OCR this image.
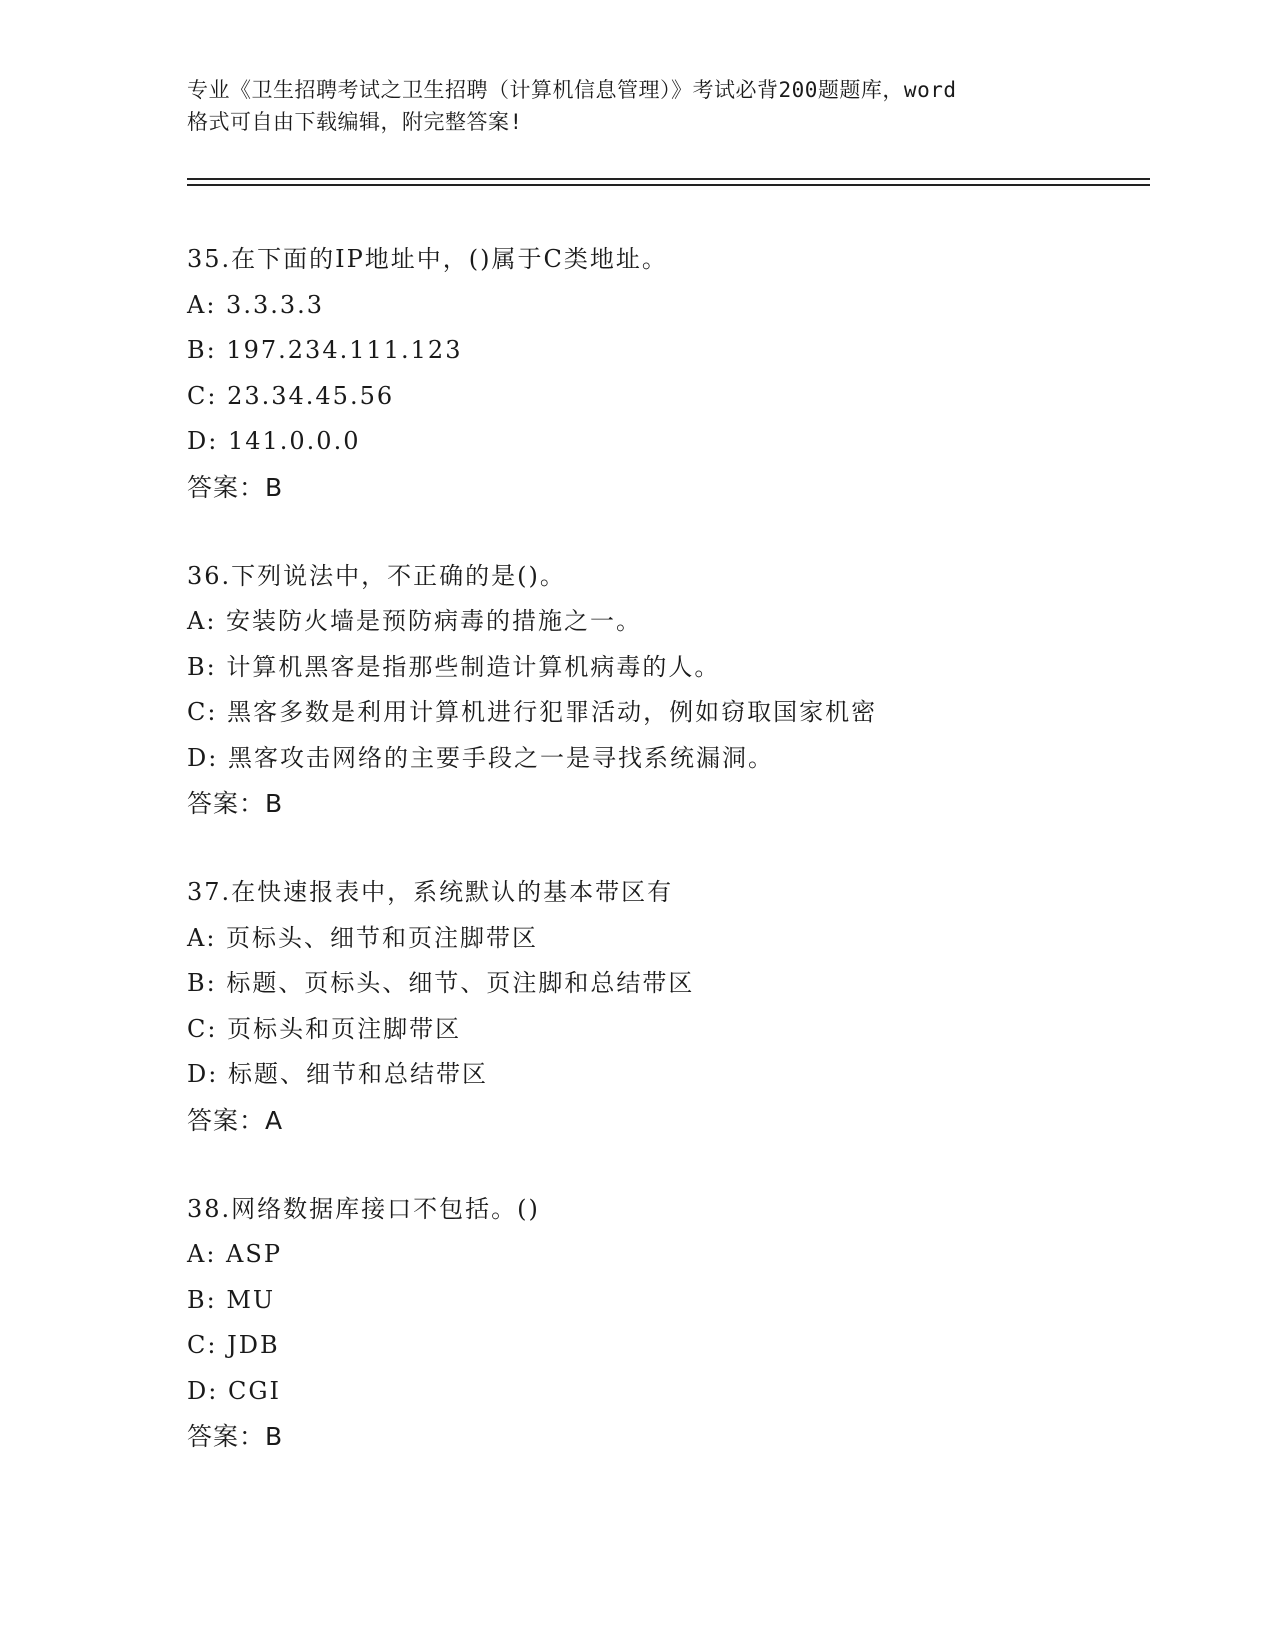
专业《卫生招聘考试之卫生招聘（计算机信息管理）》考试必背200题题库，word
格式可自由下载编辑，附完整答案!
35.在下面的IP地址中，()属于C类地址。
A: 3.3.3.3
B: 197.234.111.123
C: 23.34.45.56
D: 141.0.0.0
答案：B
36.下列说法中，不正确的是()。
A: 安装防火墙是预防病毒的措施之一。
B: 计算机黑客是指那些制造计算机病毒的人。
C: 黑客多数是利用计算机进行犯罪活动，例如窃取国家机密
D: 黑客攻击网络的主要手段之一是寻找系统漏洞。
答案：B
37.在快速报表中，系统默认的基本带区有
A: 页标头、细节和页注脚带区
B: 标题、页标头、细节、页注脚和总结带区
C: 页标头和页注脚带区
D: 标题、细节和总结带区
答案：A
38.网络数据库接口不包括。()
A: ASP
B: MU
C: JDB
D: CGI
答案：B
